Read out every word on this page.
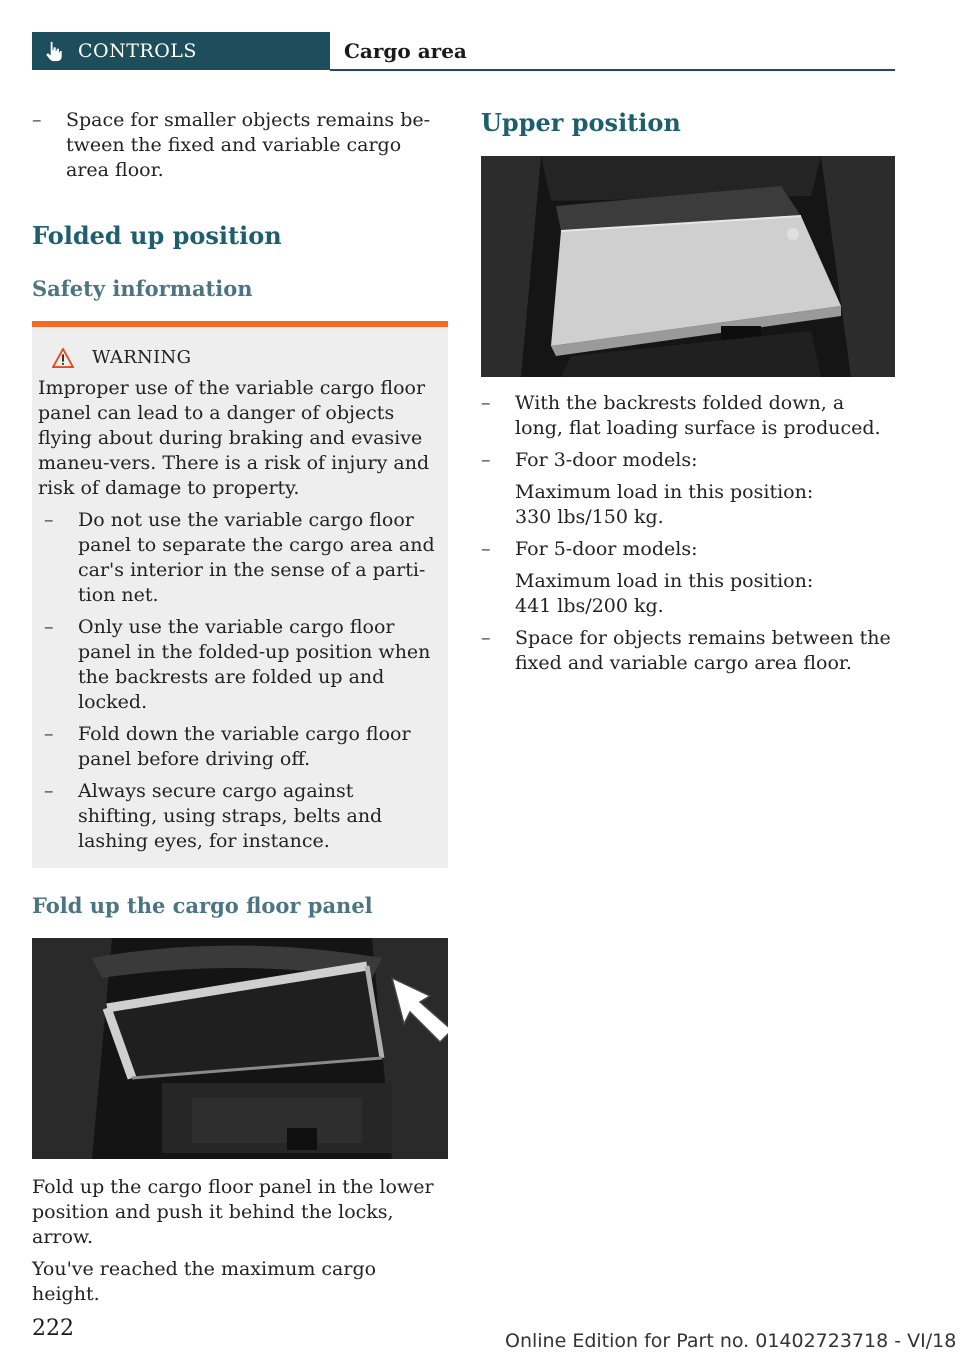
CONTROLS	Cargo area
– Space for smaller objects remains be-tween the fixed and variable cargo area floor.
Folded up position
Safety information
WARNING

Improper use of the variable cargo floor panel can lead to a danger of objects flying about during braking and evasive maneu-vers. There is a risk of injury and risk of damage to property.

– Do not use the variable cargo floor panel to separate the cargo area and car's interior in the sense of a parti-tion net.
– Only use the variable cargo floor panel in the folded-up position when the backrests are folded up and locked.
– Fold down the variable cargo floor panel before driving off.
– Always secure cargo against shifting, using straps, belts and lashing eyes, for instance.
Fold up the cargo floor panel

Fold up the cargo floor panel in the lower position and push it behind the locks, arrow.

You've reached the maximum cargo height.

Upper position
– With the backrests folded down, a long, flat loading surface is produced.
– For 3-door models:
Maximum load in this position:
330 lbs/150 kg.
– For 5-door models:
Maximum load in this position:
441 lbs/200 kg.
– Space for objects remains between the fixed and variable cargo area floor.
222	Online Edition for Part no. 01402723718 - VI/18
